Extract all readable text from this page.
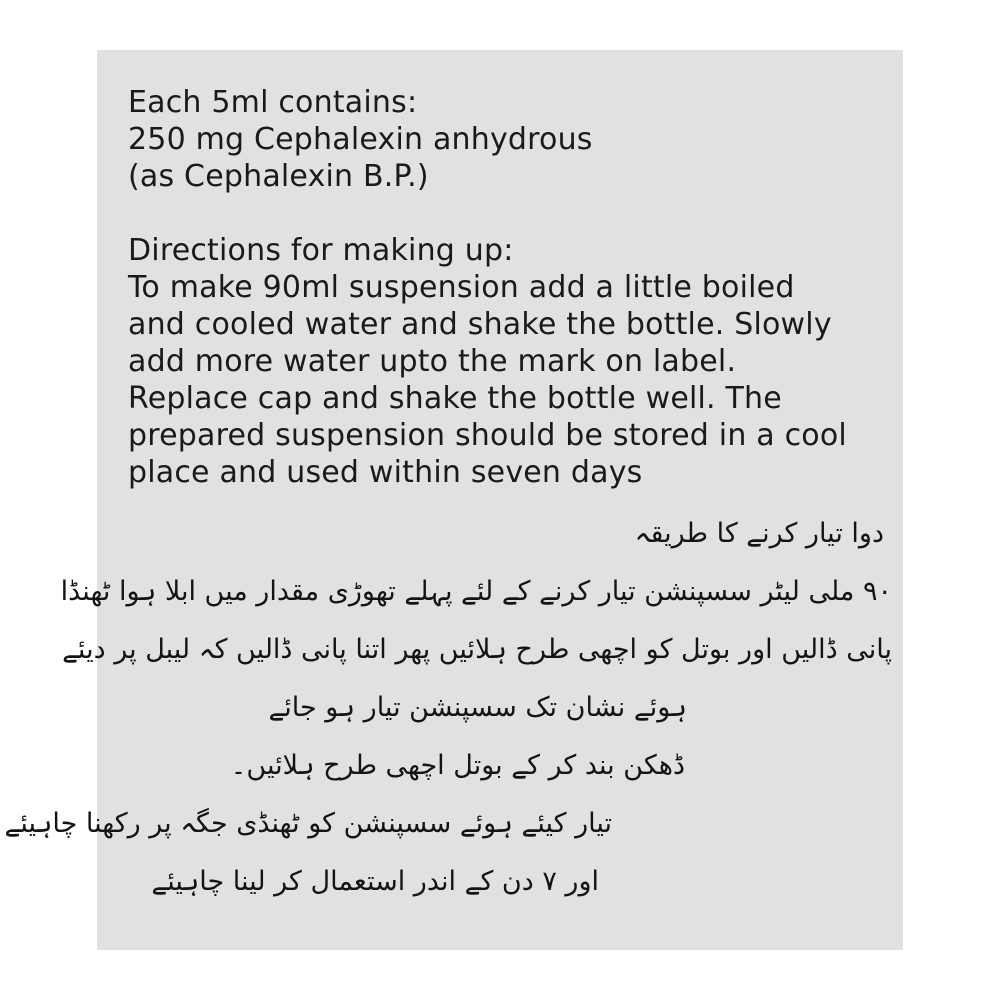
Each 5ml contains:
250 mg Cephalexin anhydrous
(as Cephalexin B.P.)
Directions for making up:
To make 90ml suspension add a little boiled
and cooled water and shake the bottle. Slowly
add more water upto the mark on label.
Replace cap and shake the bottle well. The
prepared suspension should be stored in a cool
place and used within seven days
دوا تیار کرنے کا طریقہ
۹۰ ملی لیٹر سسپنشن تیار کرنے کے لئے پہلے تھوڑی مقدار میں ابلا ہوا ٹھنڈا
پانی ڈالیں اور بوتل کو اچھی طرح ہلائیں پھر اتنا پانی ڈالیں کہ لیبل پر دیئے
ہوئے نشان تک سسپنشن تیار ہو جائے
ڈھکن بند کر کے بوتل اچھی طرح ہلائیں۔
تیار کیئے ہوئے سسپنشن کو ٹھنڈی جگہ پر رکھنا چاہیئے
اور ۷ دن کے اندر استعمال کر لینا چاہیئے
